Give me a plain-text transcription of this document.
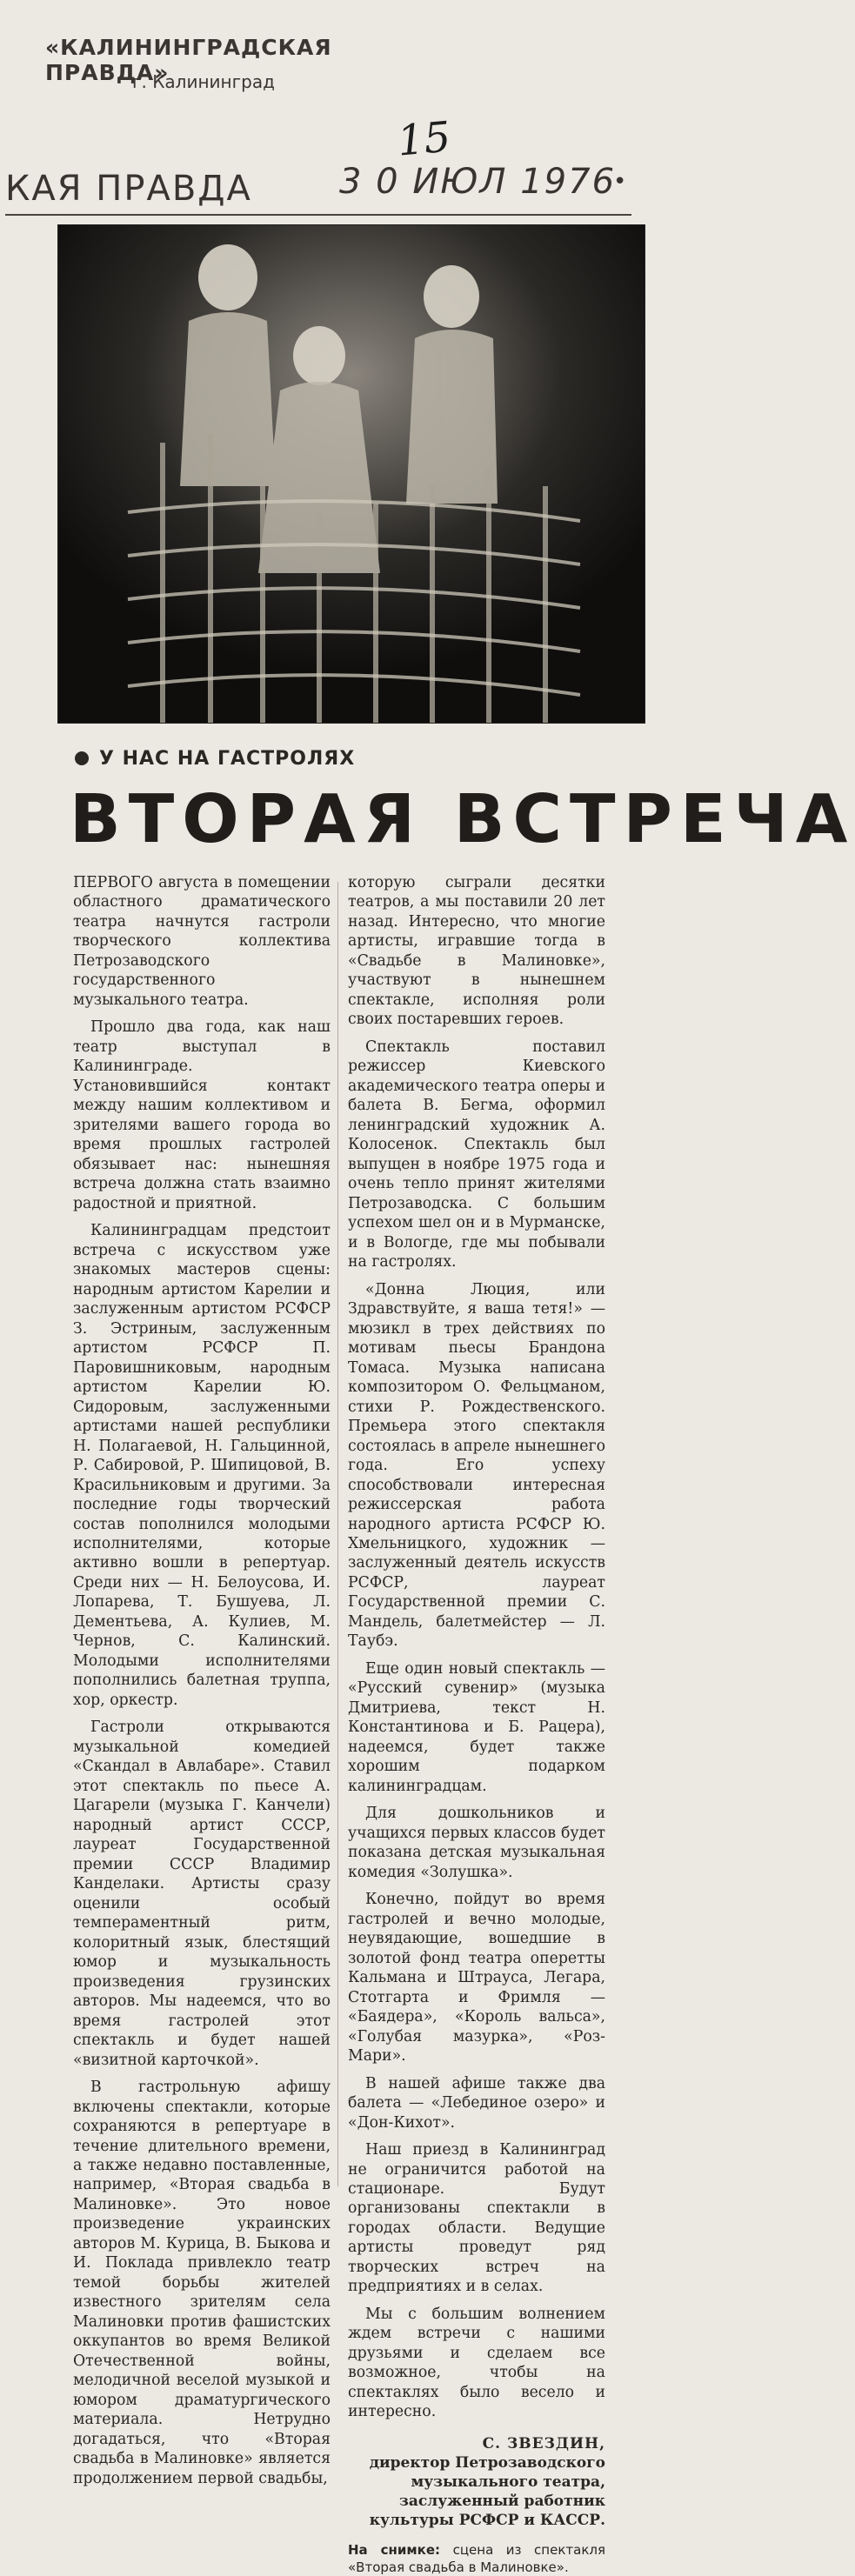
«КАЛИНИНГРАДСКАЯ ПРАВДА»
г. Калининград
15
КАЯ ПРАВДА	3 0 ИЮЛ 1976
•
У НАС НА ГАСТРОЛЯХ
ВТОРАЯ ВСТРЕЧА

ПЕРВОГО августа в помещении областного драматического театра начнутся гастроли творческого коллектива Петрозаводского государственного музыкального театра.

Прошло два года, как наш театр выступал в Калининграде. Установившийся контакт между нашим коллективом и зрителями вашего города во время прошлых гастролей обязывает нас: нынешняя встреча должна стать взаимно радостной и приятной.

Калининградцам предстоит встреча с искусством уже знакомых мастеров сцены: народным артистом Карелии и заслуженным артистом РСФСР З. Эстриным, заслуженным артистом РСФСР П. Паровишниковым, народным артистом Карелии Ю. Сидоровым, заслуженными артистами нашей республики Н. Полагаевой, Н. Гальцинной, Р. Сабировой, Р. Шипицовой, В. Красильниковым и другими. За последние годы творческий состав пополнился молодыми исполнителями, которые активно вошли в репертуар. Среди них — Н. Белоусова, И. Лопарева, Т. Бушуева, Л. Дементьева, А. Кулиев, М. Чернов, С. Калинский. Молодыми исполнителями пополнились балетная труппа, хор, оркестр.

Гастроли открываются музыкальной комедией «Скандал в Авлабаре». Ставил этот спектакль по пьесе А. Цагарели (музыка Г. Канчели) народный артист СССР, лауреат Государственной премии СССР Владимир Канделаки. Артисты сразу оценили особый темпераментный ритм, колоритный язык, блестящий юмор и музыкальность произведения грузинских авторов. Мы надеемся, что во время гастролей этот спектакль и будет нашей «визитной карточкой».

В гастрольную афишу включены спектакли, которые сохраняются в репертуаре в течение длительного времени, а также недавно поставленные, например, «Вторая свадьба в Малиновке». Это новое произведение украинских авторов М. Курица, В. Быкова и И. Поклада привлекло театр темой борьбы жителей известного зрителям села Малиновки против фашистских оккупантов во время Великой Отечественной войны, мелодичной веселой музыкой и юмором драматургического материала. Нетрудно догадаться, что «Вторая свадьба в Малиновке» является продолжением первой свадьбы,

которую сыграли десятки театров, а мы поставили 20 лет назад. Интересно, что многие артисты, игравшие тогда в «Свадьбе в Малиновке», участвуют в нынешнем спектакле, исполняя роли своих постаревших героев.

Спектакль поставил режиссер Киевского академического театра оперы и балета В. Бегма, оформил ленинградский художник А. Колосенок. Спектакль был выпущен в ноябре 1975 года и очень тепло принят жителями Петрозаводска. С большим успехом шел он и в Мурманске, и в Вологде, где мы побывали на гастролях.

«Донна Люция, или Здравствуйте, я ваша тетя!» — мюзикл в трех действиях по мотивам пьесы Брандона Томаса. Музыка написана композитором О. Фельцманом, стихи Р. Рождественского. Премьера этого спектакля состоялась в апреле нынешнего года. Его успеху способствовали интересная режиссерская работа народного артиста РСФСР Ю. Хмельницкого, художник — заслуженный деятель искусств РСФСР, лауреат Государственной премии С. Мандель, балетмейстер — Л. Таубэ.

Еще один новый спектакль — «Русский сувенир» (музыка Дмитриева, текст Н. Константинова и Б. Рацера), надеемся, будет также хорошим подарком калининградцам.

Для дошкольников и учащихся первых классов будет показана детская музыкальная комедия «Золушка».

Конечно, пойдут во время гастролей и вечно молодые, неувядающие, вошедшие в золотой фонд театра оперетты Кальмана и Штрауса, Легара, Стотгарта и Фримля — «Баядера», «Король вальса», «Голубая мазурка», «Роз-Мари».

В нашей афише также два балета — «Лебединое озеро» и «Дон-Кихот».

Наш приезд в Калининград не ограничится работой на стационаре. Будут организованы спектакли в городах области. Ведущие артисты проведут ряд творческих встреч на предприятиях и в селах.

Мы с большим волнением ждем встречи с нашими друзьями и сделаем все возможное, чтобы на спектаклях было весело и интересно.

С. ЗВЕЗДИН,
директор Петрозаводского музыкального театра, заслуженный работник культуры РСФСР и КАССР.
На снимке: сцена из спектакля «Вторая свадьба в Малиновке».
